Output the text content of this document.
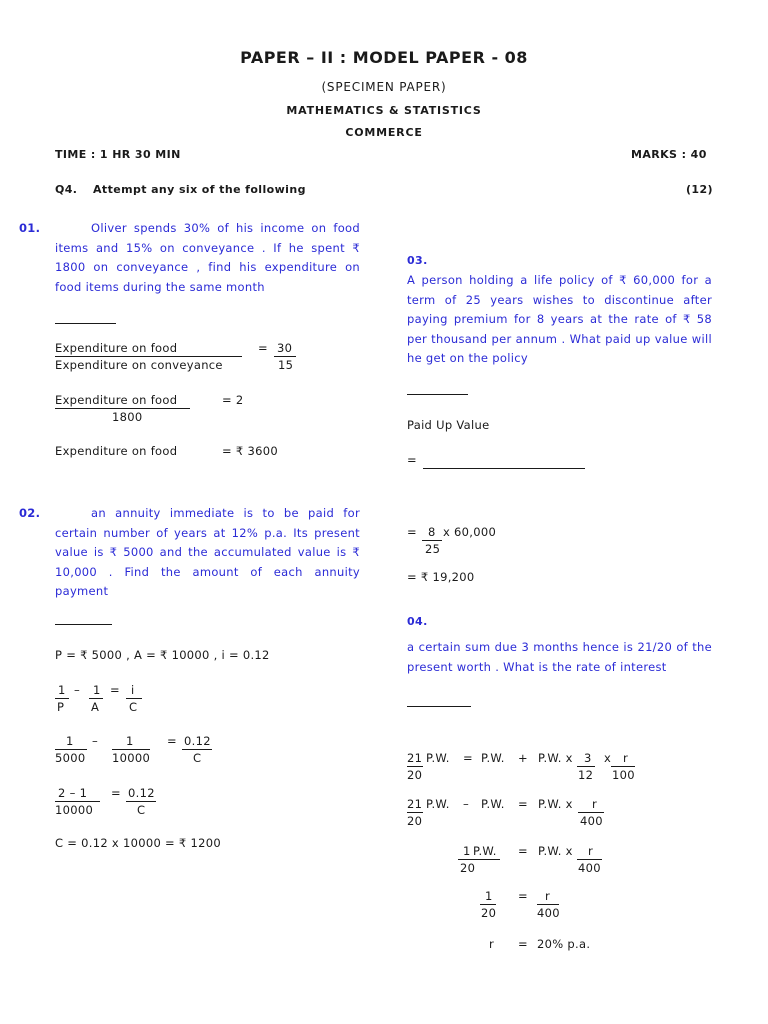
PAPER – II : MODEL PAPER - 08
(SPECIMEN PAPER)
MATHEMATICS & STATISTICS
COMMERCE
TIME : 1 HR 30 MIN	MARKS : 40
Q4. Attempt any six of the following	(12)
01.	Oliver spends 30% of his income on food items and 15% on conveyance . If he spent ₹ 1800 on conveyance , find his expenditure on food items during the same month
Expenditure on food
Expenditure on conveyance
= 30
15
Expenditure on food
1800
= 2
Expenditure on food	= ₹ 3600
02.	an annuity immediate is to be paid for certain number of years at 12% p.a. Its present value is ₹ 5000 and the accumulated value is ₹ 10,000 . Find the amount of each annuity payment
P = ₹ 5000 , A = ₹ 10000 , i = 0.12
1
P
– 1
A
= i
C
1
5000
– 1
10000
= 0.12
C
2 – 1
10000
= 0.12
C
C = 0.12 x 10000 = ₹ 1200
03.
A person holding a life policy of ₹ 60,000 for a term of 25 years wishes to discontinue after paying premium for 8 years at the rate of ₹ 58 per thousand per annum . What paid up value will he get on the policy
Paid Up Value
=
= 8
25
x 60,000
= ₹ 19,200
04.
a certain sum due 3 months hence is 21/20 of the present worth . What is the rate of interest
21
20
P.W. = P.W. + P.W. x 3
12
x r
100
21
20
P.W. – P.W. = P.W. x r
400
1
20
P.W. = P.W. x r
400
1
20
= r
400
r = 20% p.a.
